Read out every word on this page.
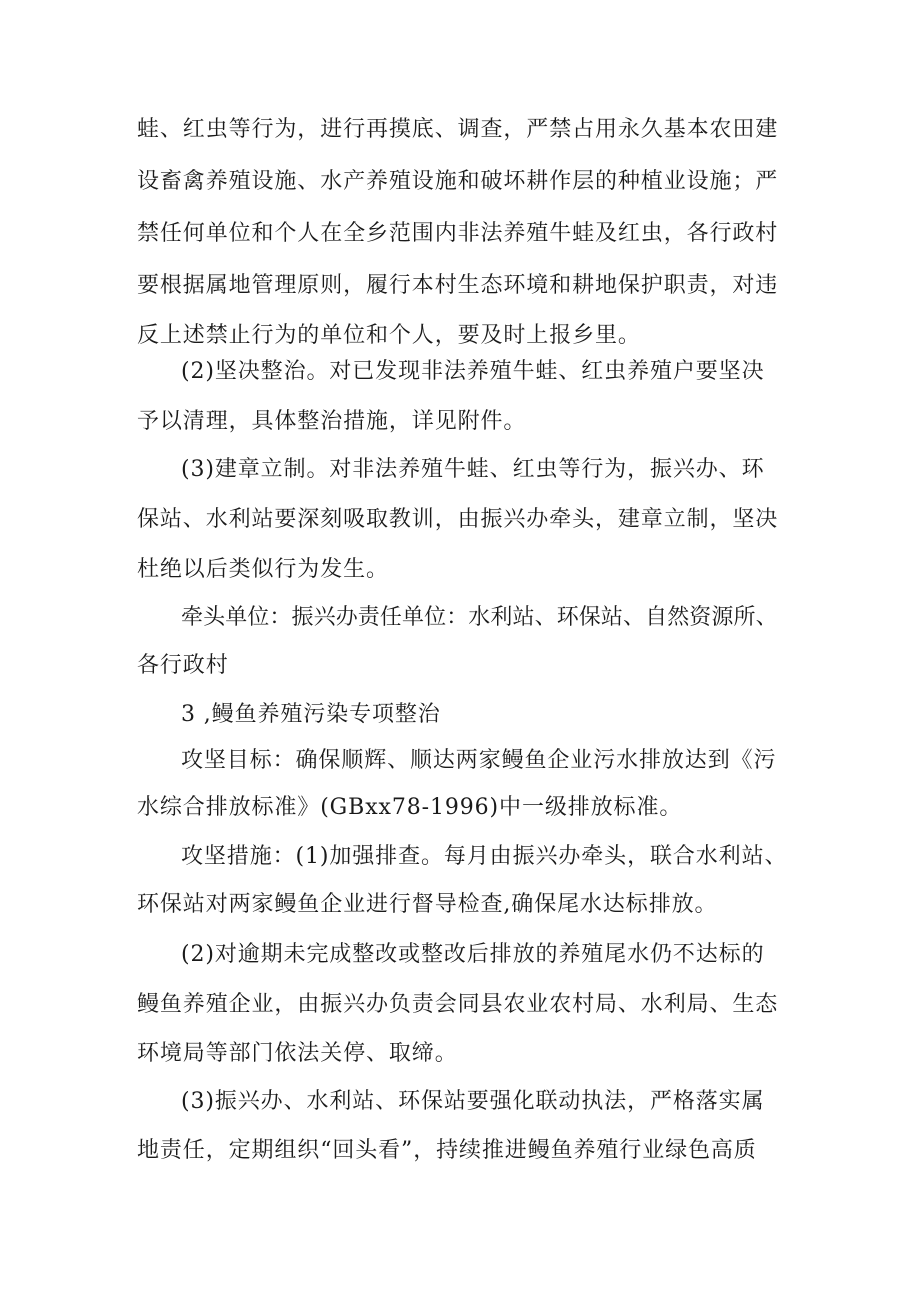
蛙、红虫等行为，进行再摸底、调查，严禁占用永久基本农田建
设畜禽养殖设施、水产养殖设施和破坏耕作层的种植业设施；严
禁任何单位和个人在全乡范围内非法养殖牛蛙及红虫，各行政村
要根据属地管理原则，履行本村生态环境和耕地保护职责，对违
反上述禁止行为的单位和个人，要及时上报乡里。
(2)坚决整治。对已发现非法养殖牛蛙、红虫养殖户要坚决
予以清理，具体整治措施，详见附件。
(3)建章立制。对非法养殖牛蛙、红虫等行为，振兴办、环
保站、水利站要深刻吸取教训，由振兴办牵头，建章立制，坚决
杜绝以后类似行为发生。
牵头单位：振兴办责任单位：水利站、环保站、自然资源所、
各行政村
3 ,鳗鱼养殖污染专项整治
攻坚目标：确保顺辉、顺达两家鳗鱼企业污水排放达到《污
水综合排放标准》(GBxx78-1996)中一级排放标准。
攻坚措施：(1)加强排查。每月由振兴办牵头，联合水利站、
环保站对两家鳗鱼企业进行督导检查,确保尾水达标排放。
(2)对逾期未完成整改或整改后排放的养殖尾水仍不达标的
鳗鱼养殖企业，由振兴办负责会同县农业农村局、水利局、生态
环境局等部门依法关停、取缔。
(3)振兴办、水利站、环保站要强化联动执法，严格落实属
地责任，定期组织“回头看”，持续推进鳗鱼养殖行业绿色高质
